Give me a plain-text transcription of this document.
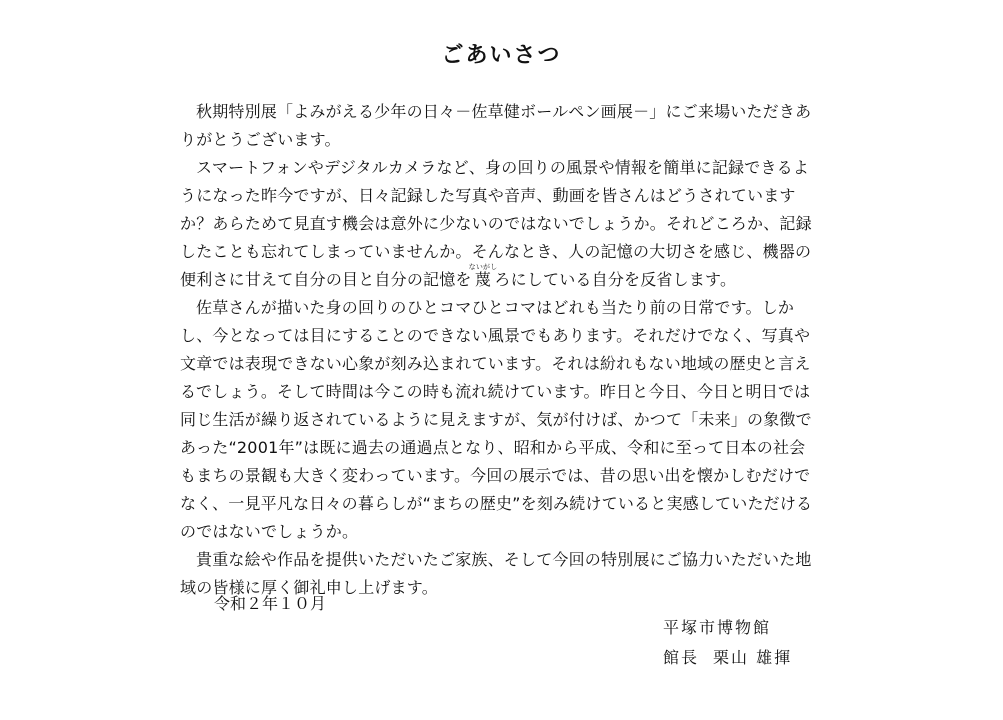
ごあいさつ

秋期特別展「よみがえる少年の日々－佐草健ボールペン画展－」にご来場いただきありがとうございます。

スマートフォンやデジタルカメラなど、身の回りの風景や情報を簡単に記録できるようになった昨今ですが、日々記録した写真や音声、動画を皆さんはどうされていますか？あらためて見直す機会は意外に少ないのではないでしょうか。それどころか、記録したことも忘れてしまっていませんか。そんなとき、人の記憶の大切さを感じ、機器の便利さに甘えて自分の目と自分の記憶を蔑ないがしろにしている自分を反省します。

佐草さんが描いた身の回りのひとコマひとコマはどれも当たり前の日常です。しかし、今となっては目にすることのできない風景でもあります。それだけでなく、写真や文章では表現できない心象が刻み込まれています。それは紛れもない地域の歴史と言えるでしょう。そして時間は今この時も流れ続けています。昨日と今日、今日と明日では同じ生活が繰り返されているように見えますが、気が付けば、かつて「未来」の象徴であった“2001年”は既に過去の通過点となり、昭和から平成、令和に至って日本の社会もまちの景観も大きく変わっています。今回の展示では、昔の思い出を懐かしむだけでなく、一見平凡な日々の暮らしが“まちの歴史”を刻み続けていると実感していただけるのではないでしょうか。

貴重な絵や作品を提供いただいたご家族、そして今回の特別展にご協力いただいた地域の皆様に厚く御礼申し上げます。

令和２年１０月
平塚市博物館
館長 栗山 雄揮
